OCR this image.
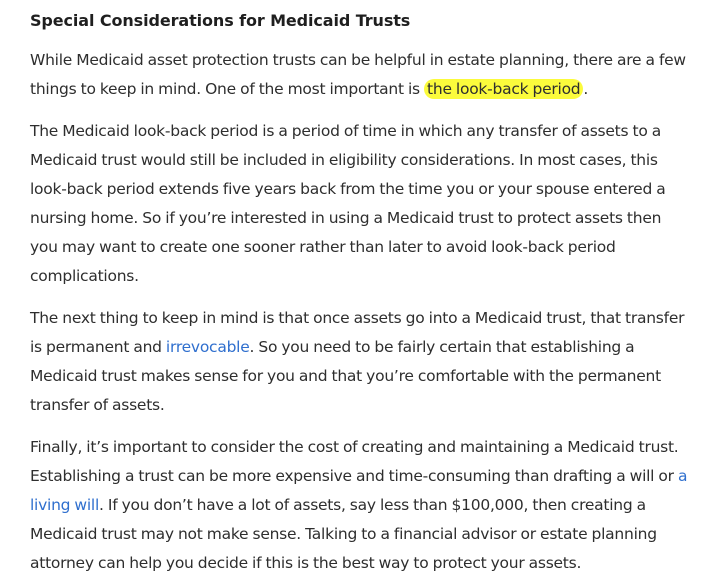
Special Considerations for Medicaid Trusts

While Medicaid asset protection trusts can be helpful in estate planning, there are a few things to keep in mind. One of the most important is the look-back period .

The Medicaid look-back period is a period of time in which any transfer of assets to a Medicaid trust would still be included in eligibility considerations. In most cases, this look-back period extends five years back from the time you or your spouse entered a nursing home. So if you’re interested in using a Medicaid trust to protect assets then you may want to create one sooner rather than later to avoid look-back period complications.

The next thing to keep in mind is that once assets go into a Medicaid trust, that transfer is permanent and irrevocable. So you need to be fairly certain that establishing a Medicaid trust makes sense for you and that you’re comfortable with the permanent transfer of assets.

Finally, it’s important to consider the cost of creating and maintaining a Medicaid trust. Establishing a trust can be more expensive and time-consuming than drafting a will or a living will. If you don’t have a lot of assets, say less than $100,000, then creating a Medicaid trust may not make sense. Talking to a financial advisor or estate planning attorney can help you decide if this is the best way to protect your assets.
